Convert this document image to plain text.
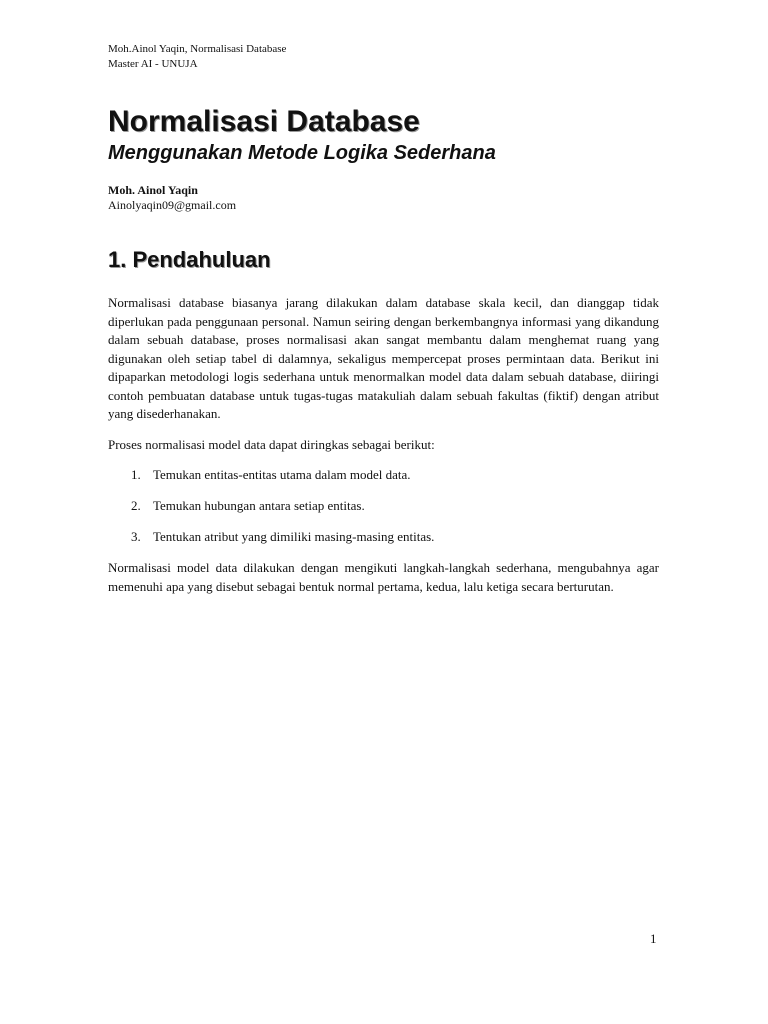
Moh.Ainol Yaqin, Normalisasi Database
Master AI - UNUJA
Normalisasi Database
Menggunakan Metode Logika Sederhana
Moh. Ainol Yaqin
Ainolyaqin09@gmail.com
1. Pendahuluan

Normalisasi database biasanya jarang dilakukan dalam database skala kecil, dan dianggap tidak diperlukan pada penggunaan personal. Namun seiring dengan berkembangnya informasi yang dikandung dalam sebuah database, proses normalisasi akan sangat membantu dalam menghemat ruang yang digunakan oleh setiap tabel di dalamnya, sekaligus mempercepat proses permintaan data. Berikut ini dipaparkan metodologi logis sederhana untuk menormalkan model data dalam sebuah database, diiringi contoh pembuatan database untuk tugas-tugas matakuliah dalam sebuah fakultas (fiktif) dengan atribut yang disederhanakan.

Proses normalisasi model data dapat diringkas sebagai berikut:

1. Temukan entitas-entitas utama dalam model data.
2. Temukan hubungan antara setiap entitas.
3. Tentukan atribut yang dimiliki masing-masing entitas.

Normalisasi model data dilakukan dengan mengikuti langkah-langkah sederhana, mengubahnya agar memenuhi apa yang disebut sebagai bentuk normal pertama, kedua, lalu ketiga secara berturutan.

1
